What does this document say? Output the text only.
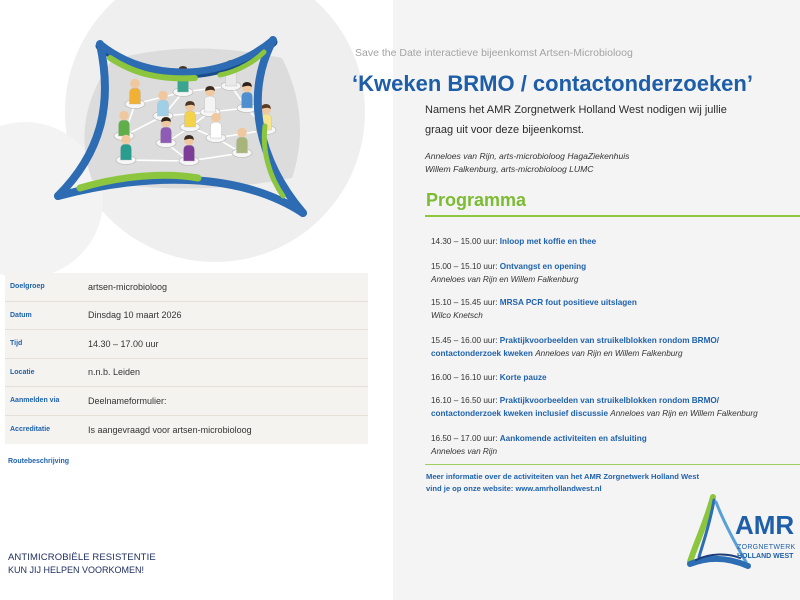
Save the Date interactieve bijeenkomst Artsen-Microbioloog
‘Kweken BRMO / contactonderzoeken’
Namens het AMR Zorgnetwerk Holland West nodigen wij jullie
graag uit voor deze bijeenkomst.
Anneloes van Rijn, arts-microbioloog HagaZiekenhuis
Willem Falkenburg, arts-microbioloog LUMC
Programma
14.30 – 15.00 uur: Inloop met koffie en thee
15.00 – 15.10 uur: Ontvangst en opening
Anneloes van Rijn en Willem Falkenburg
15.10 – 15.45 uur: MRSA PCR fout positieve uitslagen
Wilco Knetsch
15.45 – 16.00 uur: Praktijkvoorbeelden van struikelblokken rondom BRMO/
contactonderzoek kweken Anneloes van Rijn en Willem Falkenburg
16.00 – 16.10 uur: Korte pauze
16.10 – 16.50 uur: Praktijkvoorbeelden van struikelblokken rondom BRMO/
contactonderzoek kweken inclusief discussie Anneloes van Rijn en Willem Falkenburg
16.50 – 17.00 uur: Aankomende activiteiten en afsluiting
Anneloes van Rijn
Meer informatie over de activiteiten van het AMR Zorgnetwerk Holland West
vind je op onze website: www.amrhollandwest.nl
AMR
ZORGNETWERK
HOLLAND WEST
Doelgroep	artsen-microbioloog
Datum	Dinsdag 10 maart 2026
Tijd	14.30 – 17.00 uur
Locatie	n.n.b. Leiden
Aanmelden via	Deelnameformulier:
Accreditatie	Is aangevraagd voor artsen-microbioloog
Routebeschrijving
ANTIMICROBIËLE RESISTENTIE
KUN JIJ HELPEN VOORKOMEN!
